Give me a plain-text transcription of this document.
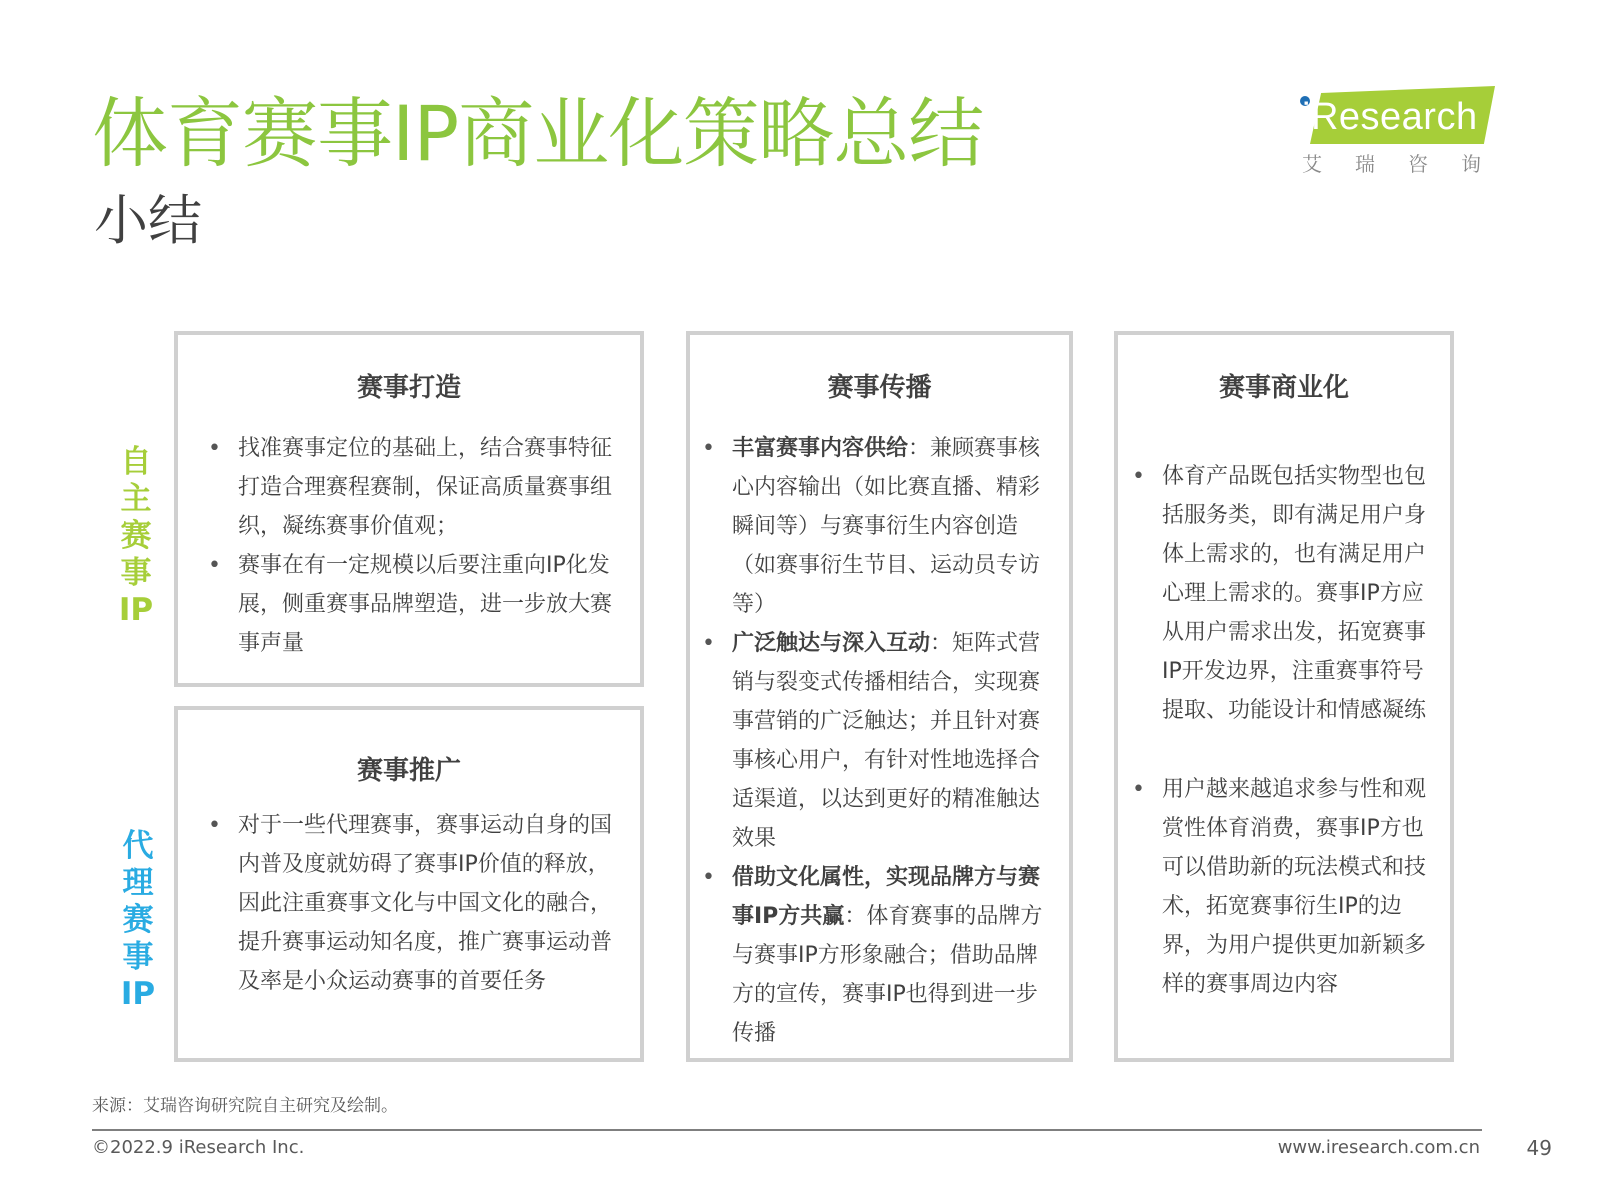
体育赛事IP商业化策略总结
小结
iResearch
艾瑞咨询
自主赛事IP
代理赛事IP
赛事打造
• 找准赛事定位的基础上，结合赛事特征打造合理赛程赛制，保证高质量赛事组织，凝练赛事价值观；
• 赛事在有一定规模以后要注重向IP化发展，侧重赛事品牌塑造，进一步放大赛事声量
赛事推广
• 对于一些代理赛事，赛事运动自身的国内普及度就妨碍了赛事IP价值的释放，因此注重赛事文化与中国文化的融合，提升赛事运动知名度，推广赛事运动普及率是小众运动赛事的首要任务
赛事传播
• 丰富赛事内容供给：兼顾赛事核心内容输出（如比赛直播、精彩瞬间等）与赛事衍生内容创造（如赛事衍生节目、运动员专访等）
• 广泛触达与深入互动：矩阵式营销与裂变式传播相结合，实现赛事营销的广泛触达；并且针对赛事核心用户，有针对性地选择合适渠道，以达到更好的精准触达效果
• 借助文化属性，实现品牌方与赛事IP方共赢：体育赛事的品牌方与赛事IP方形象融合；借助品牌方的宣传，赛事IP也得到进一步传播
赛事商业化
• 体育产品既包括实物型也包括服务类，即有满足用户身体上需求的，也有满足用户心理上需求的。赛事IP方应从用户需求出发，拓宽赛事IP开发边界，注重赛事符号提取、功能设计和情感凝练
• 用户越来越追求参与性和观赏性体育消费，赛事IP方也可以借助新的玩法模式和技术，拓宽赛事衍生IP的边界，为用户提供更加新颖多样的赛事周边内容
来源：艾瑞咨询研究院自主研究及绘制。
©2022.9 iResearch Inc.	www.iresearch.com.cn 49
